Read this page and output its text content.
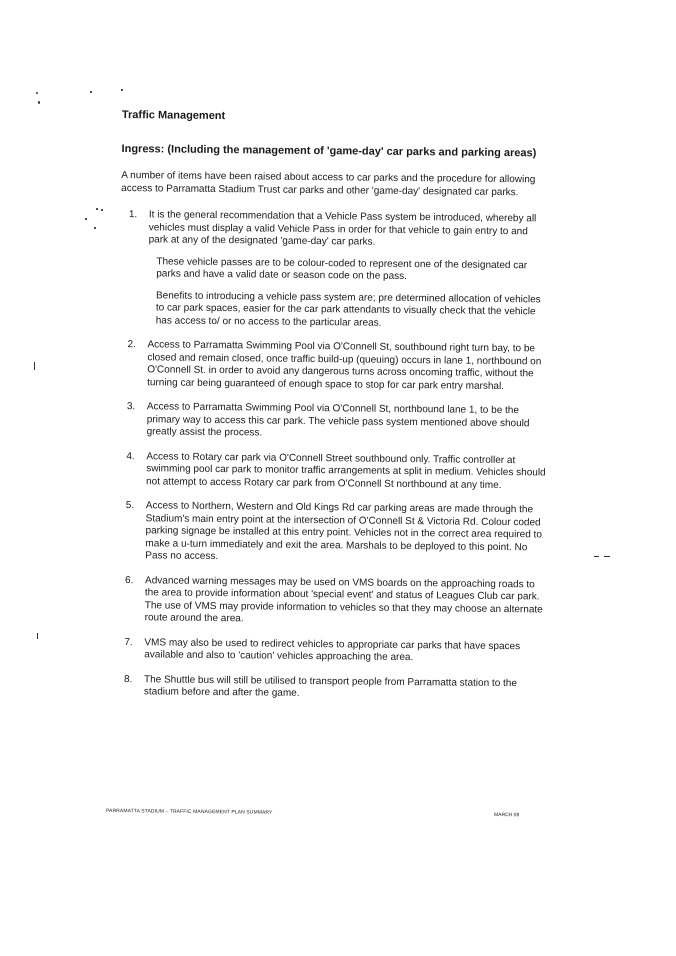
Traffic Management
Ingress: (Including the management of 'game-day' car parks and parking areas)

A number of items have been raised about access to car parks and the procedure for allowing access to Parramatta Stadium Trust car parks and other 'game-day' designated car parks.

1. It is the general recommendation that a Vehicle Pass system be introduced, whereby all vehicles must display a valid Vehicle Pass in order for that vehicle to gain entry to and park at any of the designated 'game-day' car parks.

These vehicle passes are to be colour-coded to represent one of the designated car parks and have a valid date or season code on the pass.

Benefits to introducing a vehicle pass system are; pre determined allocation of vehicles to car park spaces, easier for the car park attendants to visually check that the vehicle has access to/ or no access to the particular areas.

2. Access to Parramatta Swimming Pool via O'Connell St, southbound right turn bay, to be closed and remain closed, once traffic build-up (queuing) occurs in lane 1, northbound on O'Connell St. in order to avoid any dangerous turns across oncoming traffic, without the turning car being guaranteed of enough space to stop for car park entry marshal.

3. Access to Parramatta Swimming Pool via O'Connell St, northbound lane 1, to be the primary way to access this car park. The vehicle pass system mentioned above should greatly assist the process.

4. Access to Rotary car park via O'Connell Street southbound only. Traffic controller at swimming pool car park to monitor traffic arrangements at split in medium. Vehicles should not attempt to access Rotary car park from O'Connell St northbound at any time.

5. Access to Northern, Western and Old Kings Rd car parking areas are made through the Stadium's main entry point at the intersection of O'Connell St & Victoria Rd. Colour coded parking signage be installed at this entry point. Vehicles not in the correct area required to make a u-turn immediately and exit the area. Marshals to be deployed to this point. No Pass no access.

6. Advanced warning messages may be used on VMS boards on the approaching roads to the area to provide information about 'special event' and status of Leagues Club car park. The use of VMS may provide information to vehicles so that they may choose an alternate route around the area.

7. VMS may also be used to redirect vehicles to appropriate car parks that have spaces available and also to 'caution' vehicles approaching the area.

8. The Shuttle bus will still be utilised to transport people from Parramatta station to the stadium before and after the game.

PARRAMATTA STADIUM – TRAFFIC MANAGEMENT PLAN SUMMARY	MARCH 08
